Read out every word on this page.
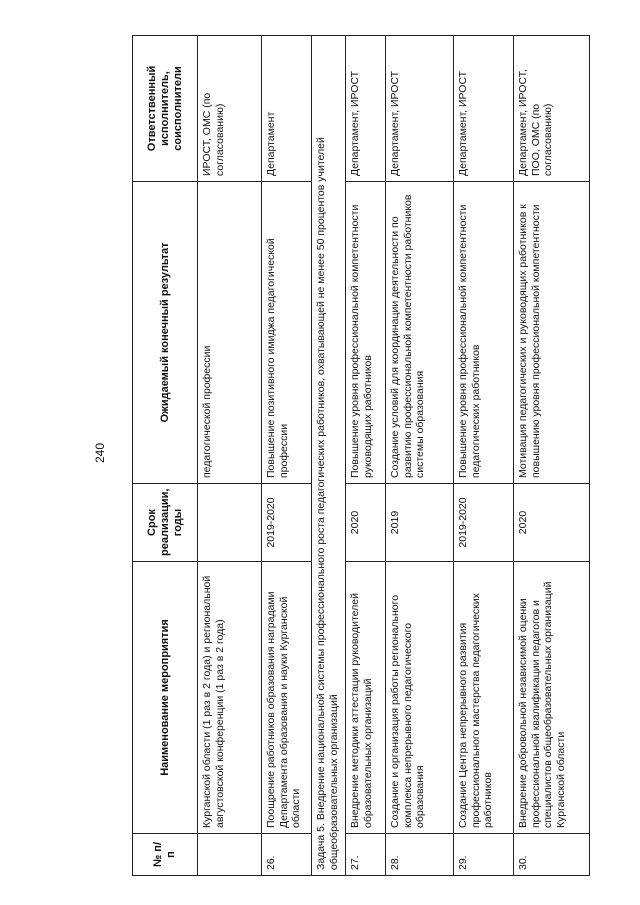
240
№ п/п	Наименование мероприятия	Срок реализации, годы	Ожидаемый конечный результат	Ответственный исполнитель, соисполнители
	Курганской области (1 раз в 2 года) и региональной августовской конференции (1 раз в 2 года)		педагогической профессии	ИРОСТ, ОМС (по согласованию)
26.	Поощрение работников образования наградами Департамента образования и науки Курганской области	2019-2020	Повышение позитивного имиджа педагогической профессии	Департамент
Задача 5. Внедрение национальной системы профессионального роста педагогических работников, охватывающей не менее 50 процентов учителей общеобразовательных организаций				
27.	Внедрение методики аттестации руководителей образовательных организаций	2020	Повышение уровня профессиональной компетентности руководящих работников	Департамент, ИРОСТ
28.	Создание и организация работы регионального комплекса непрерывного педагогического образования	2019	Создание условий для координации деятельности по развитию профессиональной компетентности работников системы образования	Департамент, ИРОСТ
29.	Создание Центра непрерывного развития профессионального мастерства педагогических работников	2019-2020	Повышение уровня профессиональной компетентности педагогических работников	Департамент, ИРОСТ
30.	Внедрение добровольной независимой оценки профессиональной квалификации педагогов и специалистов общеобразовательных организаций Курганской области	2020	Мотивация педагогических и руководящих работников к повышению уровня профессиональной компетентности	Департамент, ИРОСТ, ПОО, ОМС (по согласованию)
